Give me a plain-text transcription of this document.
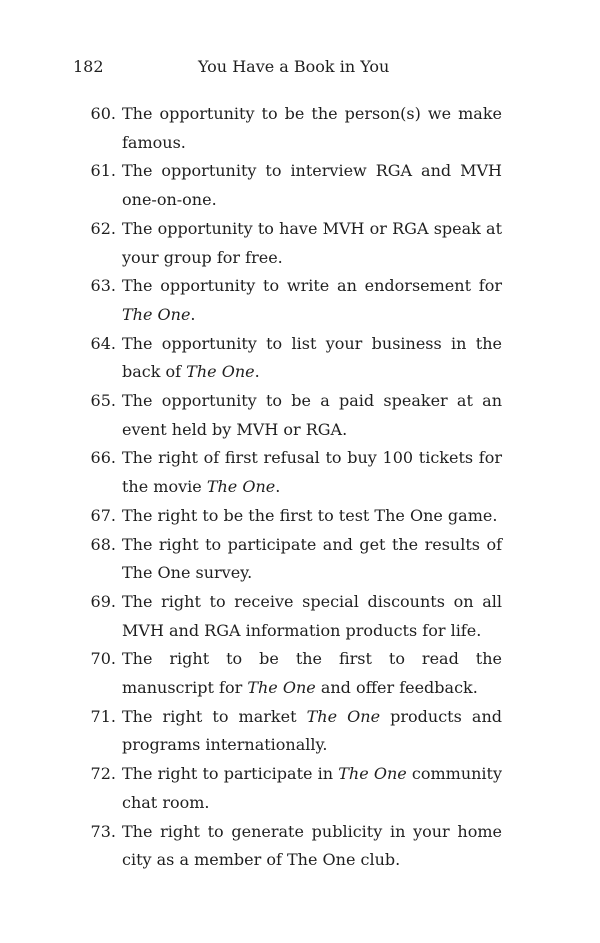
182	You Have a Book in You
60. The opportunity to be the person(s) we make famous.
61. The opportunity to interview RGA and MVH one-on-one.
62. The opportunity to have MVH or RGA speak at your group for free.
63. The opportunity to write an endorsement for The One.
64. The opportunity to list your business in the back of The One.
65. The opportunity to be a paid speaker at an event held by MVH or RGA.
66. The right of first refusal to buy 100 tickets for the movie The One.
67. The right to be the first to test The One game.
68. The right to participate and get the results of The One survey.
69. The right to receive special discounts on all MVH and RGA information products for life.
70. The right to be the first to read the manuscript for The One and offer feedback.
71. The right to market The One products and programs internationally.
72. The right to participate in The One community chat room.
73. The right to generate publicity in your home city as a member of The One club.
